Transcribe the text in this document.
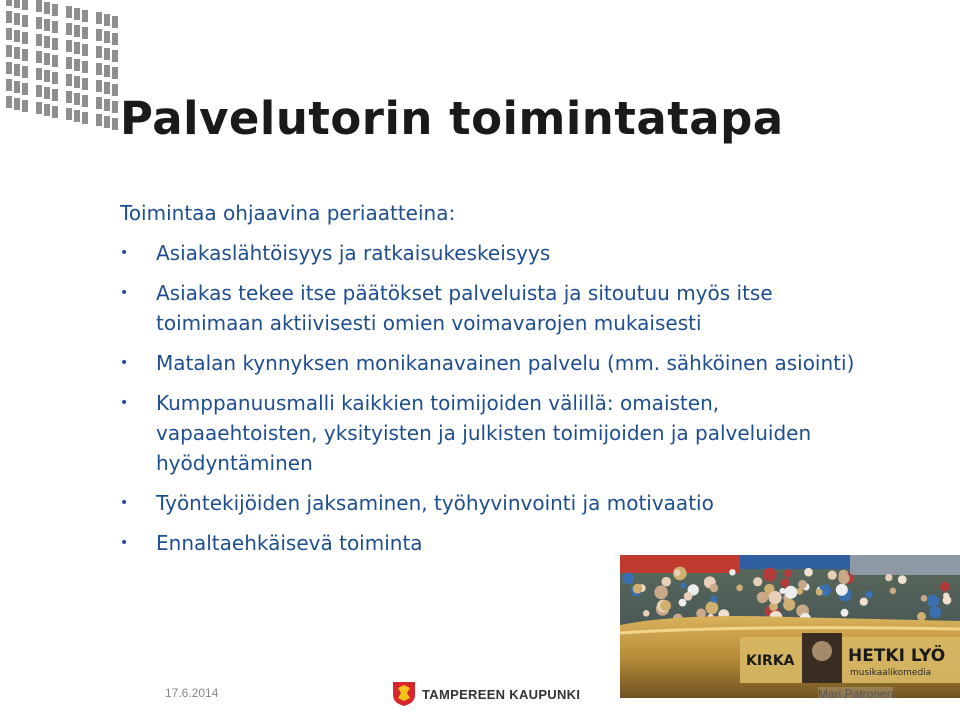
Palvelutorin toimintatapa
Toimintaa ohjaavina periaatteina:
• Asiakaslähtöisyys ja ratkaisukeskeisyys
• Asiakas tekee itse päätökset palveluista ja sitoutuu myös itse toimimaan aktiivisesti omien voimavarojen mukaisesti
• Matalan kynnyksen monikanavainen palvelu (mm. sähköinen asiointi)
• Kumppanuusmalli kaikkien toimijoiden välillä: omaisten, vapaaehtoisten, yksityisten ja julkisten toimijoiden ja palveluiden hyödyntäminen
• Työntekijöiden jaksaminen, työhyvinvointi ja motivaatio
• Ennaltaehkäisevä toiminta
KIRKA	HETKI LYÖ
musikaalikomedia
17.6.2014	TAMPEREEN KAUPUNKI	Mari Patronen
